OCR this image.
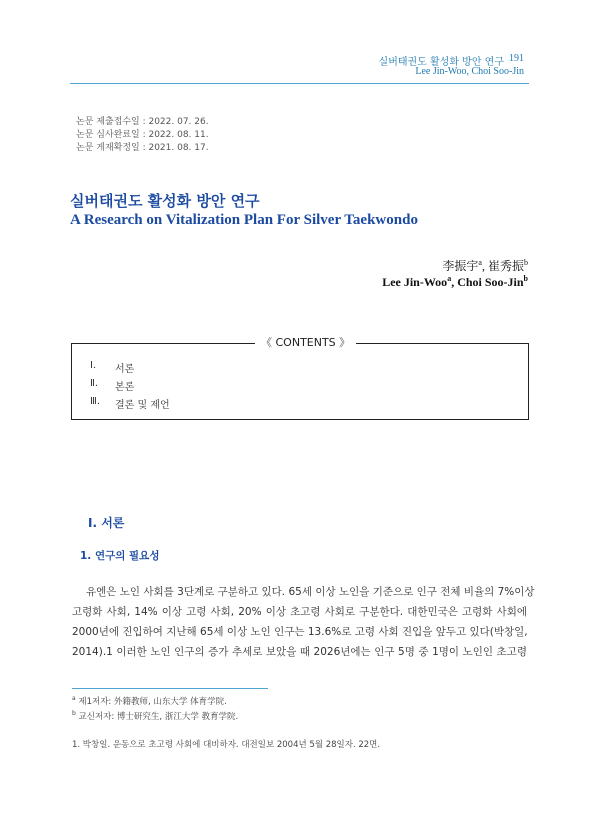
실버태권도 활성화 방안 연구 191
Lee Jin-Woo, Choi Soo-Jin
논문 제출접수일 : 2022. 07. 26.
논문 심사완료일 : 2022. 08. 11.
논문 게재확정일 : 2021. 08. 17.
실버태권도 활성화 방안 연구
A Research on Vitalization Plan For Silver Taekwondo
李振宇$^a$, 崔秀振$^b$
Lee Jin-Woo$^a$, Choi Soo-Jin$^b$
《 CONTENTS 》
Ⅰ. 서론
Ⅱ. 본론
Ⅲ. 결론 및 제언
Ⅰ. 서론
1. 연구의 필요성
유엔은 노인 사회를 3단계로 구분하고 있다. 65세 이상 노인을 기준으로 인구 전체 비율의 7%이상
고령화 사회, 14% 이상 고령 사회, 20% 이상 초고령 사회로 구분한다. 대한민국은 고령화 사회에
2000년에 진입하여 지난해 65세 이상 노인 인구는 13.6%로 고령 사회 진입을 앞두고 있다(박창일,
2014).1 이러한 노인 인구의 증가 추세로 보았을 때 2026년에는 인구 5명 중 1명이 노인인 초고령
$^a$ 제1저자: 外籍教师, 山东大学 体育学院.
$^b$ 교신저자: 博士研究生, 浙江大学 教育学院.
1. 박창일. 운동으로 초고령 사회에 대비하자. 대전일보 2004년 5월 28일자. 22면.
